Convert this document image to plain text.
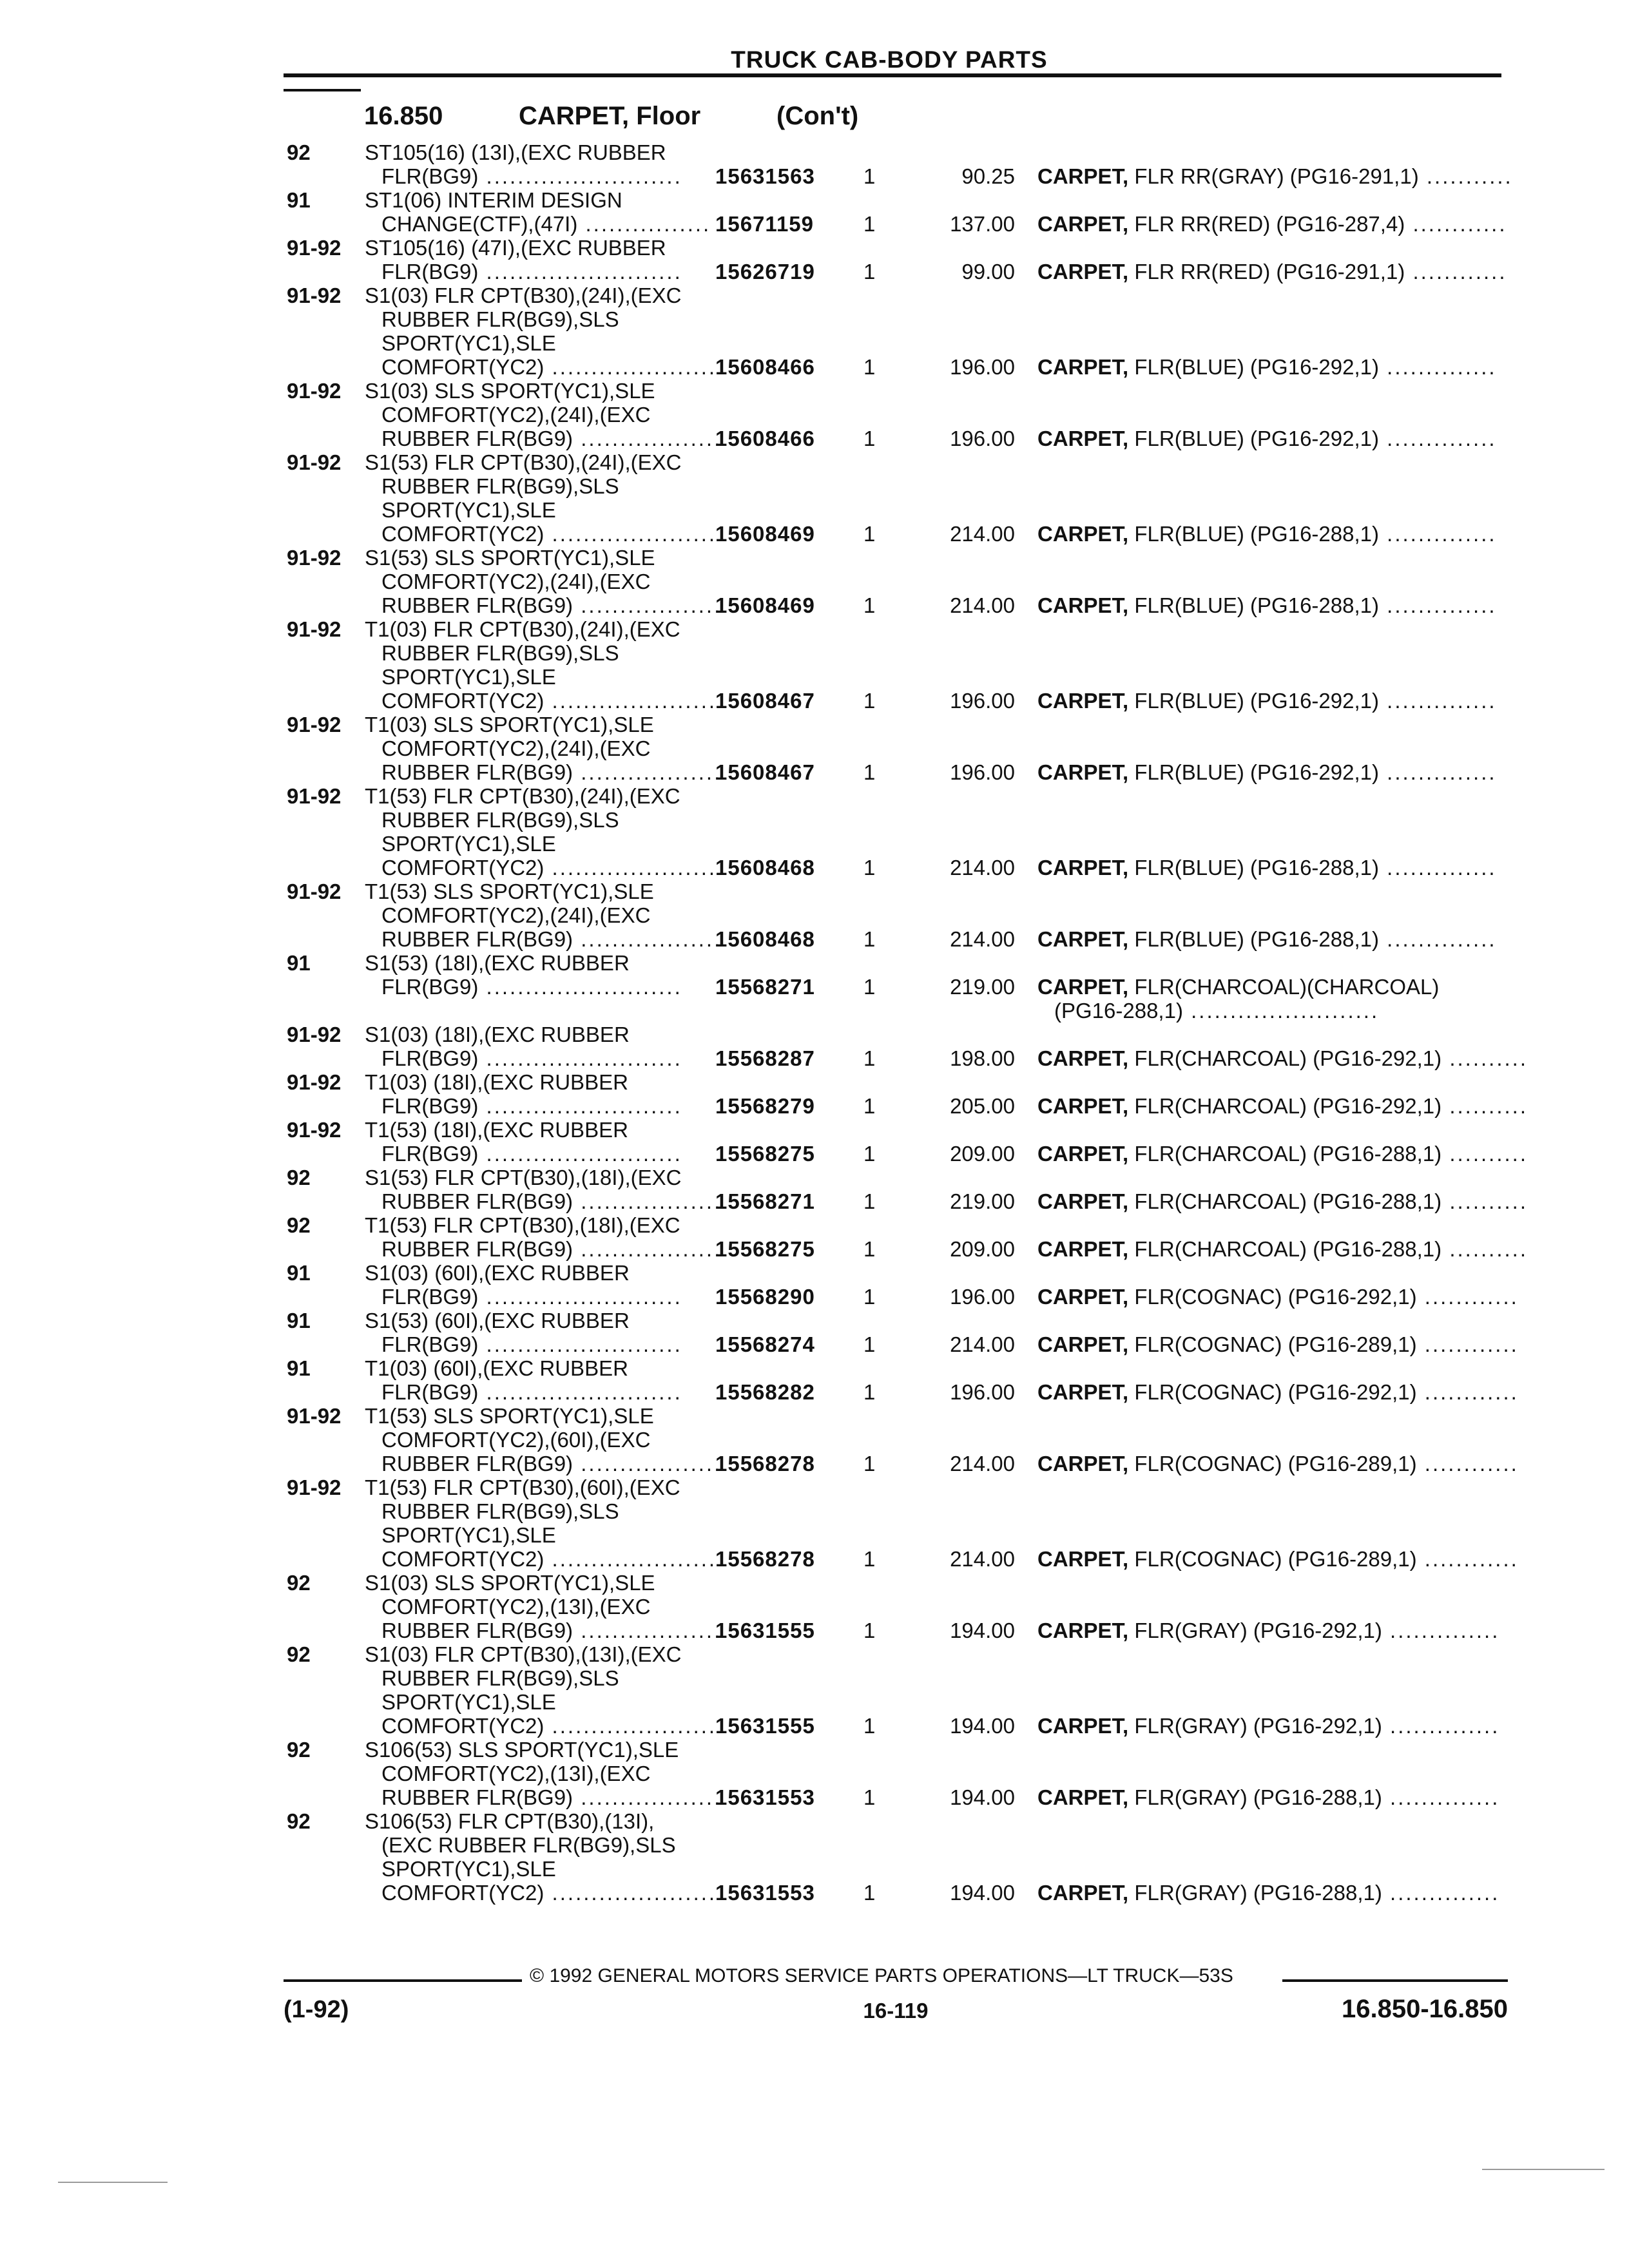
TRUCK CAB-BODY PARTS
16.850	CARPET, Floor	(Con't)
92	ST105(16) (13I),(EXC RUBBER
FLR(BG9) ......................... 15631563	1	90.25 CARPET, FLR RR(GRAY) (PG16-291,1) ...........
91	ST1(06) INTERIM DESIGN
CHANGE(CTF),(47I) ................ 15671159	1	137.00 CARPET, FLR RR(RED) (PG16-287,4) ............
91-92 ST105(16) (47I),(EXC RUBBER
FLR(BG9) ......................... 15626719	1	99.00 CARPET, FLR RR(RED) (PG16-291,1) ............
91-92 S1(03) FLR CPT(B30),(24I),(EXC
RUBBER FLR(BG9),SLS
SPORT(YC1),SLE
COMFORT(YC2) .....................
15608466	1	196.00 CARPET, FLR(BLUE) (PG16-292,1) ..............
91-92 S1(03) SLS SPORT(YC1),SLE
COMFORT(YC2),(24I),(EXC
RUBBER FLR(BG9) ..................
15608466	1	196.00 CARPET, FLR(BLUE) (PG16-292,1) ..............
91-92 S1(53) FLR CPT(B30),(24I),(EXC
RUBBER FLR(BG9),SLS
SPORT(YC1),SLE
COMFORT(YC2) .....................
15608469	1	214.00 CARPET, FLR(BLUE) (PG16-288,1) ..............
91-92 S1(53) SLS SPORT(YC1),SLE
COMFORT(YC2),(24I),(EXC
RUBBER FLR(BG9) ..................
15608469	1	214.00 CARPET, FLR(BLUE) (PG16-288,1) ..............
91-92 T1(03) FLR CPT(B30),(24I),(EXC
RUBBER FLR(BG9),SLS
SPORT(YC1),SLE
COMFORT(YC2) .....................
15608467	1	196.00 CARPET, FLR(BLUE) (PG16-292,1) ..............
91-92 T1(03) SLS SPORT(YC1),SLE
COMFORT(YC2),(24I),(EXC
RUBBER FLR(BG9) ..................
15608467	1	196.00 CARPET, FLR(BLUE) (PG16-292,1) ..............
91-92 T1(53) FLR CPT(B30),(24I),(EXC
RUBBER FLR(BG9),SLS
SPORT(YC1),SLE
COMFORT(YC2) .....................
15608468	1	214.00 CARPET, FLR(BLUE) (PG16-288,1) ..............
91-92 T1(53) SLS SPORT(YC1),SLE
COMFORT(YC2),(24I),(EXC
RUBBER FLR(BG9) ..................
15608468	1	214.00 CARPET, FLR(BLUE) (PG16-288,1) ..............
91	S1(53) (18I),(EXC RUBBER
FLR(BG9) ......................... 15568271	1	219.00 CARPET, FLR(CHARCOAL)(CHARCOAL)
(PG16-288,1) ........................
91-92 S1(03) (18I),(EXC RUBBER
FLR(BG9) ......................... 15568287	1	198.00 CARPET, FLR(CHARCOAL) (PG16-292,1) ..........
91-92 T1(03) (18I),(EXC RUBBER
FLR(BG9) ......................... 15568279	1	205.00 CARPET, FLR(CHARCOAL) (PG16-292,1) ..........
91-92 T1(53) (18I),(EXC RUBBER
FLR(BG9) ......................... 15568275	1	209.00 CARPET, FLR(CHARCOAL) (PG16-288,1) ..........
92	S1(53) FLR CPT(B30),(18I),(EXC
RUBBER FLR(BG9) ..................
15568271	1	219.00 CARPET, FLR(CHARCOAL) (PG16-288,1) ..........
92	T1(53) FLR CPT(B30),(18I),(EXC
RUBBER FLR(BG9) ..................
15568275	1	209.00 CARPET, FLR(CHARCOAL) (PG16-288,1) ..........
91	S1(03) (60I),(EXC RUBBER
FLR(BG9) ......................... 15568290	1	196.00 CARPET, FLR(COGNAC) (PG16-292,1) ............
91	S1(53) (60I),(EXC RUBBER
FLR(BG9) ......................... 15568274	1	214.00 CARPET, FLR(COGNAC) (PG16-289,1) ............
91	T1(03) (60I),(EXC RUBBER
FLR(BG9) ......................... 15568282	1	196.00 CARPET, FLR(COGNAC) (PG16-292,1) ............
91-92 T1(53) SLS SPORT(YC1),SLE
COMFORT(YC2),(60I),(EXC
RUBBER FLR(BG9) ..................
15568278	1	214.00 CARPET, FLR(COGNAC) (PG16-289,1) ............
91-92 T1(53) FLR CPT(B30),(60I),(EXC
RUBBER FLR(BG9),SLS
SPORT(YC1),SLE
COMFORT(YC2) .....................
15568278	1	214.00 CARPET, FLR(COGNAC) (PG16-289,1) ............
92	S1(03) SLS SPORT(YC1),SLE
COMFORT(YC2),(13I),(EXC
RUBBER FLR(BG9) ..................
15631555	1	194.00 CARPET, FLR(GRAY) (PG16-292,1) ..............
92	S1(03) FLR CPT(B30),(13I),(EXC
RUBBER FLR(BG9),SLS
SPORT(YC1),SLE
COMFORT(YC2) .....................
15631555	1	194.00 CARPET, FLR(GRAY) (PG16-292,1) ..............
92	S106(53) SLS SPORT(YC1),SLE
COMFORT(YC2),(13I),(EXC
RUBBER FLR(BG9) ..................
15631553	1	194.00 CARPET, FLR(GRAY) (PG16-288,1) ..............
92	S106(53) FLR CPT(B30),(13I),
(EXC RUBBER FLR(BG9),SLS
SPORT(YC1),SLE
COMFORT(YC2) .....................
15631553	1	194.00 CARPET, FLR(GRAY) (PG16-288,1) ..............
© 1992 GENERAL MOTORS SERVICE PARTS OPERATIONS—LT TRUCK—53S
(1-92)	16-119	16.850-16.850
